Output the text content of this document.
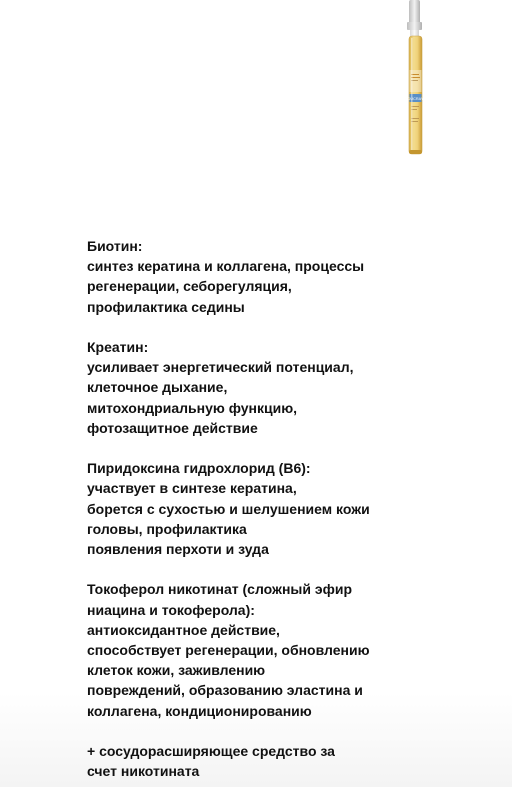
DUCRAY
Биотин:
синтез кератина и коллагена, процессы
регенерации, себорегуляция,
профилактика седины
Креатин:
усиливает энергетический потенциал,
клеточное дыхание,
митохондриальную функцию,
фотозащитное действие
Пиридоксина гидрохлорид (В6):
участвует в синтезе кератина,
борется с сухостью и шелушением кожи
головы, профилактика
появления перхоти и зуда
Токоферол никотинат (сложный эфир
ниацина и токоферола):
антиоксидантное действие,
способствует регенерации, обновлению
клеток кожи, заживлению
повреждений, образованию эластина и
коллагена, кондиционированию
+ сосудорасширяющее средство за
счет никотината
